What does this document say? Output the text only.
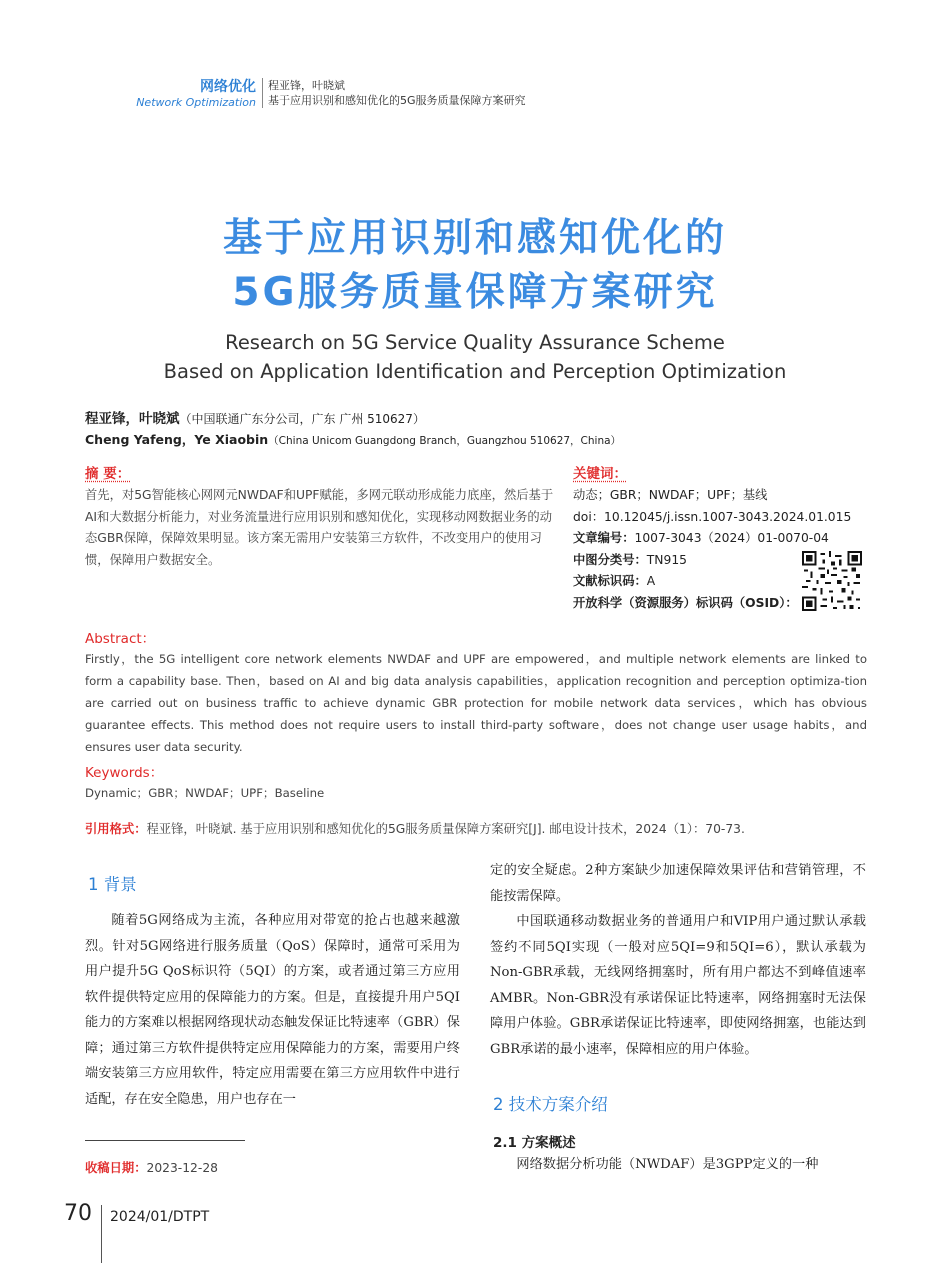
网络优化
Network Optimization
程亚锋，叶晓斌
基于应用识别和感知优化的5G服务质量保障方案研究
基于应用识别和感知优化的
5G服务质量保障方案研究
Research on 5G Service Quality Assurance Scheme
Based on Application Identification and Perception Optimization
程亚锋，叶晓斌（中国联通广东分公司，广东 广州 510627）
Cheng Yafeng，Ye Xiaobin（China Unicom Guangdong Branch，Guangzhou 510627，China）
摘 要：
首先，对5G智能核心网网元NWDAF和UPF赋能，多网元联动形成能力底座，然后基于AI和大数据分析能力，对业务流量进行应用识别和感知优化，实现移动网数据业务的动态GBR保障，保障效果明显。该方案无需用户安装第三方软件，不改变用户的使用习惯，保障用户数据安全。
关键词：
动态；GBR；NWDAF；UPF；基线
doi：10.12045/j.issn.1007-3043.2024.01.015
文章编号：1007-3043（2024）01-0070-04
中图分类号：TN915
文献标识码：A
开放科学（资源服务）标识码（OSID）：
Abstract：
Firstly，the 5G intelligent core network elements NWDAF and UPF are empowered，and multiple network elements are linked to form a capability base. Then，based on AI and big data analysis capabilities，application recognition and perception optimiza-tion are carried out on business traffic to achieve dynamic GBR protection for mobile network data services，which has obvious guarantee effects. This method does not require users to install third-party software，does not change user usage habits，and ensures user data security.
Keywords：
Dynamic；GBR；NWDAF；UPF；Baseline
引用格式：程亚锋，叶晓斌. 基于应用识别和感知优化的5G服务质量保障方案研究[J]. 邮电设计技术，2024（1）：70-73.
1 背景

随着5G网络成为主流，各种应用对带宽的抢占也越来越激烈。针对5G网络进行服务质量（QoS）保障时，通常可采用为用户提升5G QoS标识符（5QI）的方案，或者通过第三方应用软件提供特定应用的保障能力的方案。但是，直接提升用户5QI能力的方案难以根据网络现状动态触发保证比特速率（GBR）保障；通过第三方软件提供特定应用保障能力的方案，需要用户终端安装第三方应用软件，特定应用需要在第三方应用软件中进行适配，存在安全隐患，用户也存在一

定的安全疑虑。2种方案缺少加速保障效果评估和营销管理，不能按需保障。

中国联通移动数据业务的普通用户和VIP用户通过默认承载签约不同5QI实现（一般对应5QI=9和5QI=6），默认承载为Non-GBR承载，无线网络拥塞时，所有用户都达不到峰值速率AMBR。Non-GBR没有承诺保证比特速率，网络拥塞时无法保障用户体验。GBR承诺保证比特速率，即使网络拥塞，也能达到GBR承诺的最小速率，保障相应的用户体验。

2 技术方案介绍
2.1 方案概述

网络数据分析功能（NWDAF）是3GPP定义的一种

收稿日期：2023-12-28
70 2024/01/DTPT
